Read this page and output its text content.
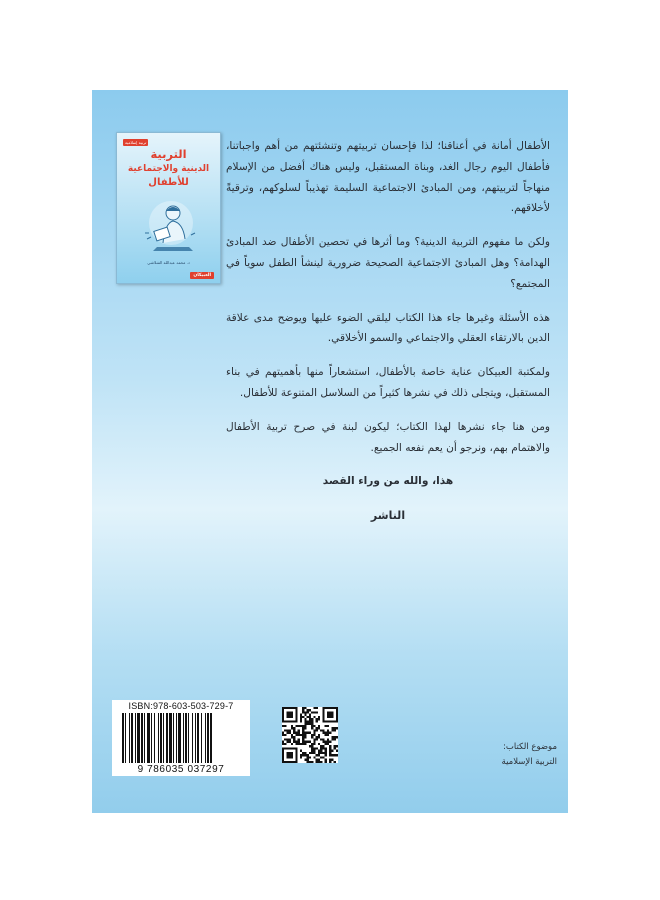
تربية إسلامية
التربية
الدينية والاجتماعية
للأطفال
د. محمد عبدالله الشلاشي
العبيكان

الأطفال أمانة في أعناقنا؛ لذا فإحسان تربيتهم وتنشئتهم من أهم واجباتنا، فأطفال اليوم رجال الغد، وبناة المستقبل، وليس هناك أفضل من الإسلام منهاجاً لتربيتهم، ومن المبادئ الاجتماعية السليمة تهذيباً لسلوكهم، وترقيةً لأخلاقهم.

ولكن ما مفهوم التربية الدينية؟ وما أثرها في تحصين الأطفال ضد المبادئ الهدامة؟ وهل المبادئ الاجتماعية الصحيحة ضرورية لينشأ الطفل سوياً في المجتمع؟

هذه الأسئلة وغيرها جاء هذا الكتاب ليلقي الضوء عليها ويوضح مدى علاقة الدين بالارتقاء العقلي والاجتماعي والسمو الأخلاقي.

ولمكتبة العبيكان عناية خاصة بالأطفال، استشعاراً منها بأهميتهم في بناء المستقبل، ويتجلى ذلك في نشرها كثيراً من السلاسل المتنوعة للأطفال.

ومن هنا جاء نشرها لهذا الكتاب؛ ليكون لبنة في صرح تربية الأطفال والاهتمام بهم، ونرجو أن يعم نفعه الجميع.

هذا، والله من وراء القصد

الناشر

ISBN:978-603-503-729-7
9 786035 037297
موضوع الكتاب:
التربية الإسلامية
